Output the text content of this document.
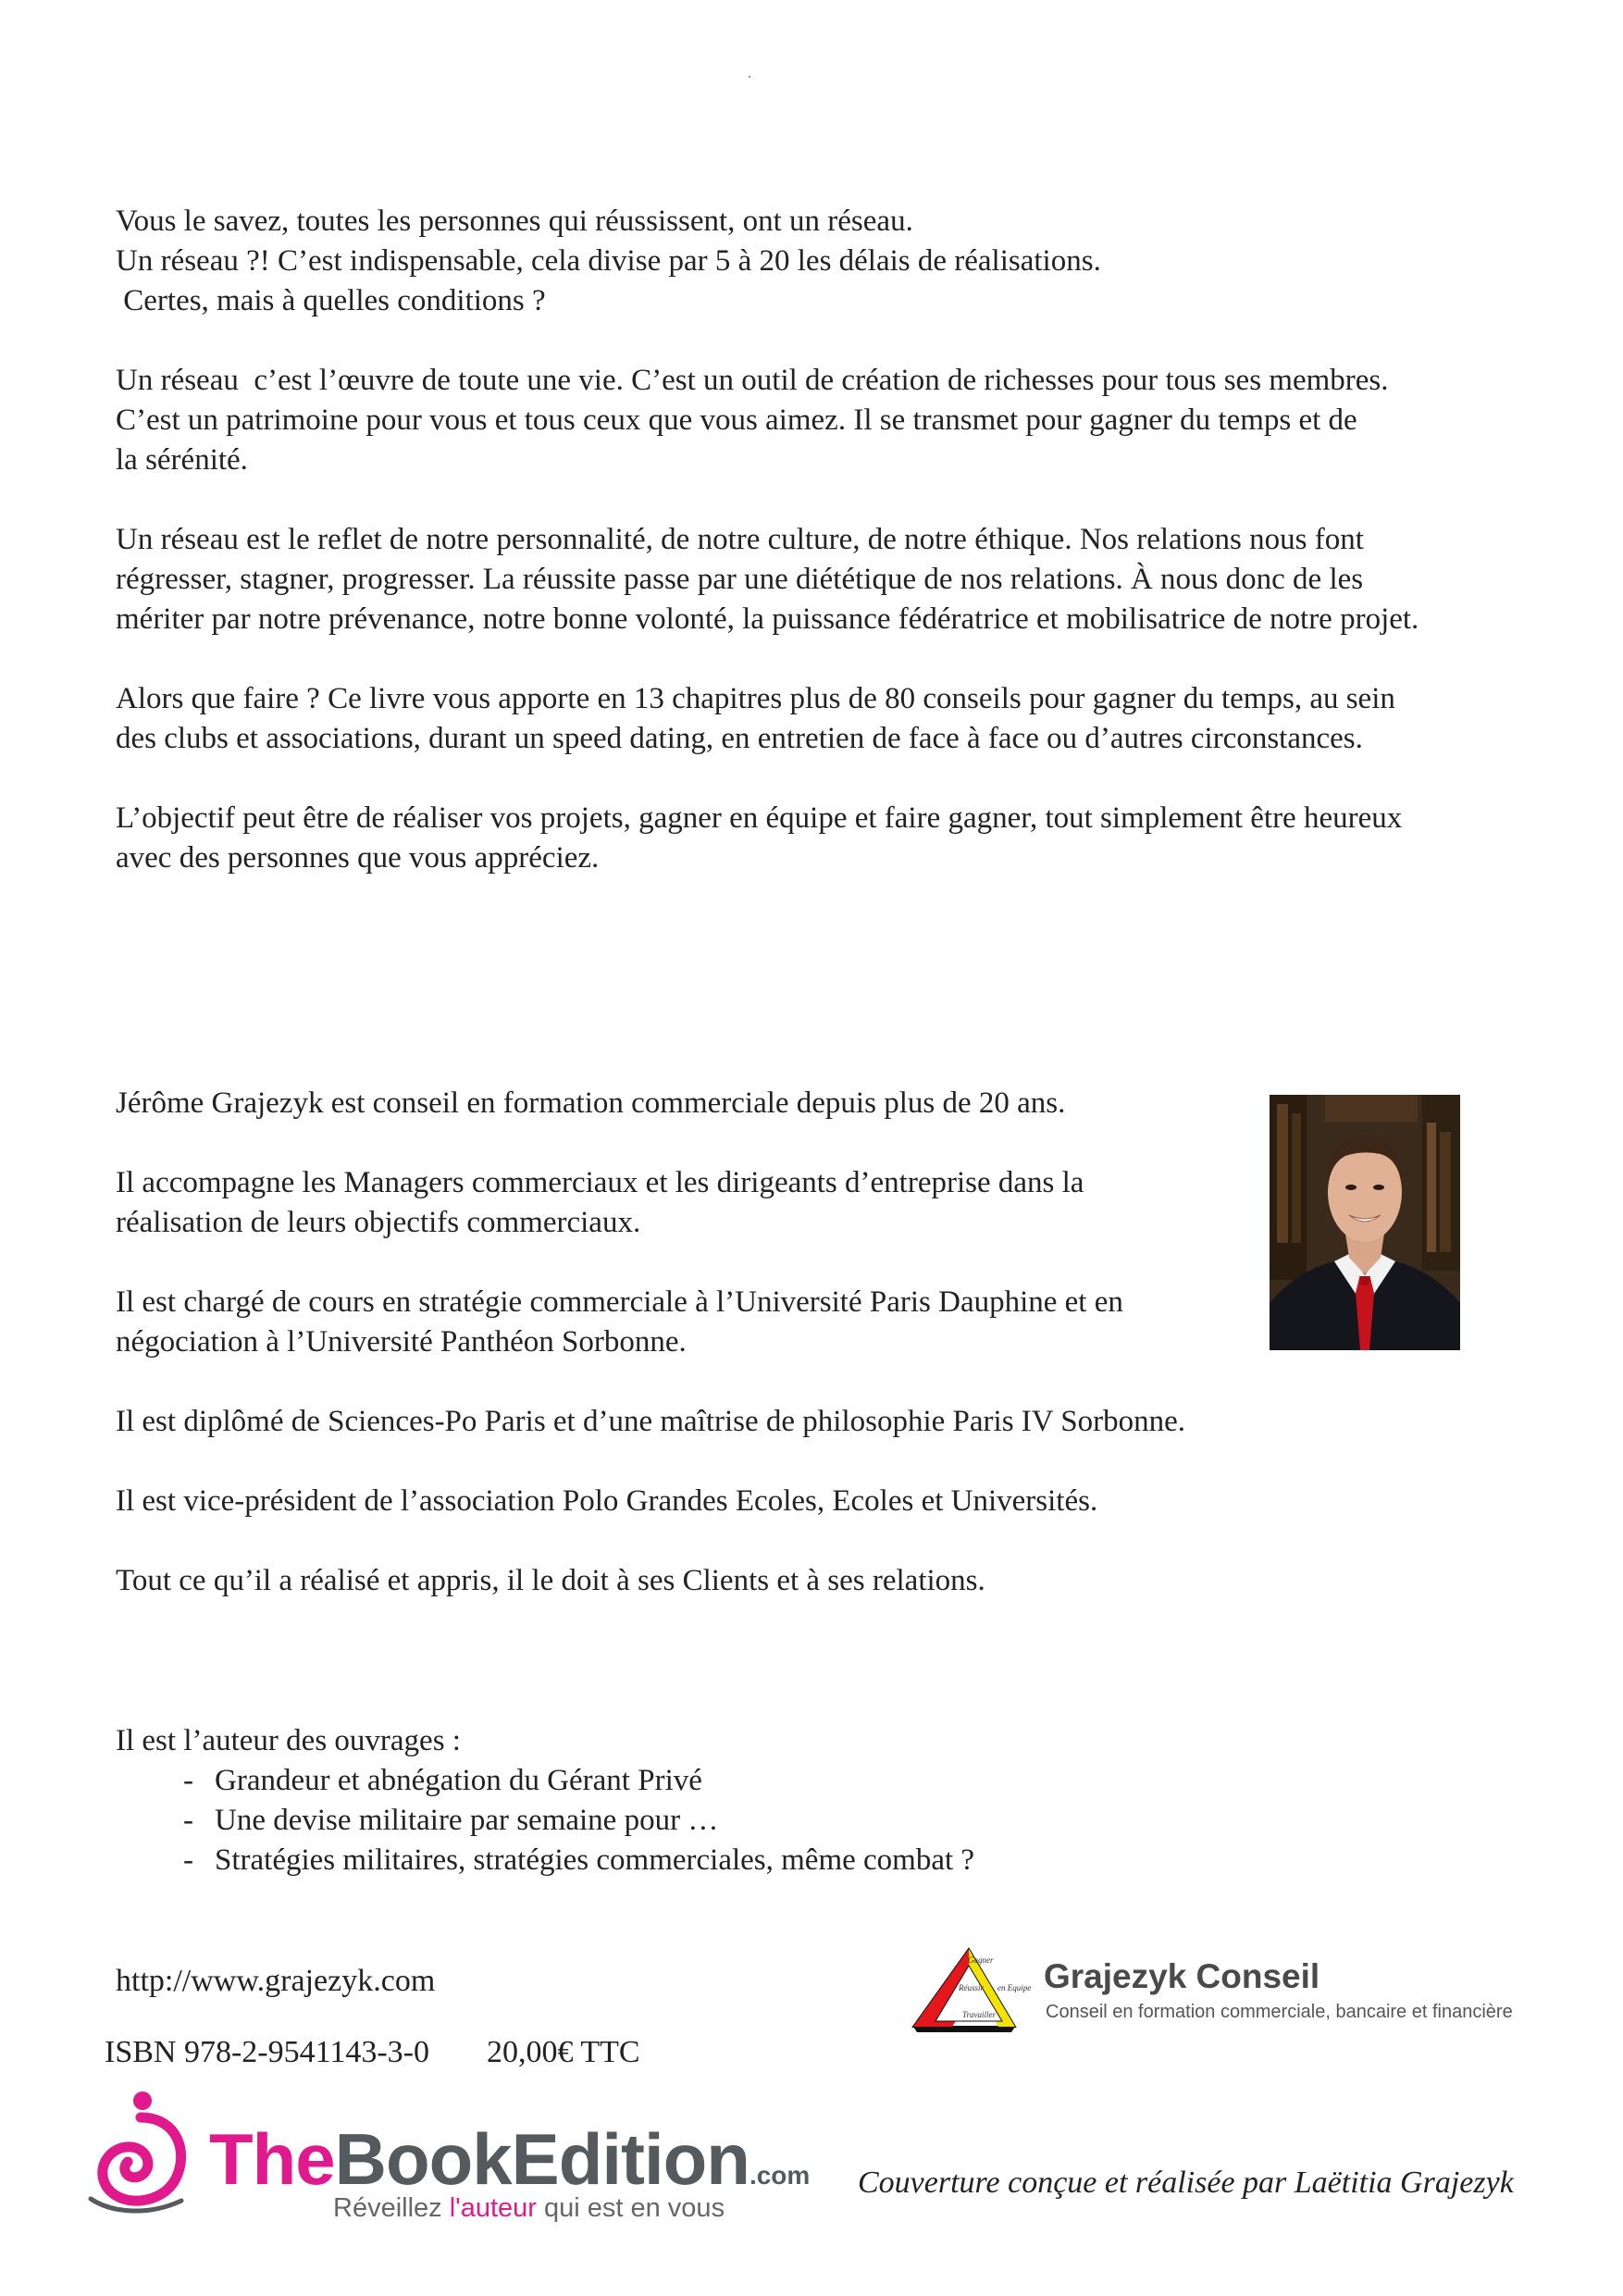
Vous le savez, toutes les personnes qui réussissent, ont un réseau.
Un réseau ?! C’est indispensable, cela divise par 5 à 20 les délais de réalisations.
Certes, mais à quelles conditions ?
Un réseau  c’est l’œuvre de toute une vie. C’est un outil de création de richesses pour tous ses membres.
C’est un patrimoine pour vous et tous ceux que vous aimez. Il se transmet pour gagner du temps et de
la sérénité.
Un réseau est le reflet de notre personnalité, de notre culture, de notre éthique. Nos relations nous font
régresser, stagner, progresser. La réussite passe par une diététique de nos relations. À nous donc de les
mériter par notre prévenance, notre bonne volonté, la puissance fédératrice et mobilisatrice de notre projet.
Alors que faire ? Ce livre vous apporte en 13 chapitres plus de 80 conseils pour gagner du temps, au sein
des clubs et associations, durant un speed dating, en entretien de face à face ou d’autres circonstances.
L’objectif peut être de réaliser vos projets, gagner en équipe et faire gagner, tout simplement être heureux
avec des personnes que vous appréciez.
Jérôme Grajezyk est conseil en formation commerciale depuis plus de 20 ans.
Il accompagne les Managers commerciaux et les dirigeants d’entreprise dans la
réalisation de leurs objectifs commerciaux.
Il est chargé de cours en stratégie commerciale à l’Université Paris Dauphine et en
négociation à l’Université Panthéon Sorbonne.
Il est diplômé de Sciences-Po Paris et d’une maîtrise de philosophie Paris IV Sorbonne.
Il est vice-président de l’association Polo Grandes Ecoles, Ecoles et Universités.
Tout ce qu’il a réalisé et appris, il le doit à ses Clients et à ses relations.
Il est l’auteur des ouvrages :
- Grandeur et abnégation du Gérant Privé
- Une devise militaire par semaine pour …
- Stratégies militaires, stratégies commerciales, même combat ?
http://www.grajezyk.com
ISBN 978-2-9541143-3-0 20,00€ TTC
Gagner
Réussir en Equipe
Travailler
Grajezyk Conseil
Conseil en formation commerciale, bancaire et financière
TheBookEdition.com
Réveillez l'auteur qui est en vous
Couverture conçue et réalisée par Laëtitia Grajezyk
